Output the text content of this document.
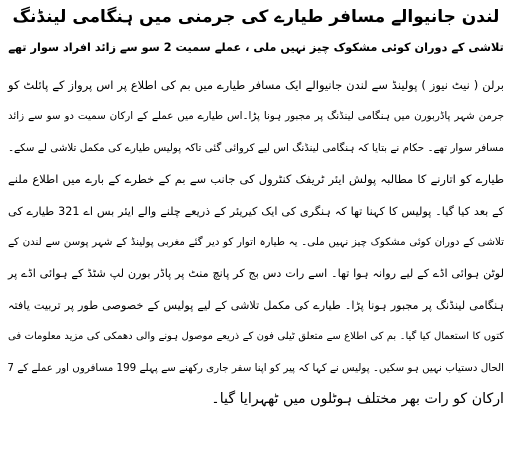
لندن جانیوالے مسافر طیارے کی جرمنی میں ہنگامی لینڈنگ
تلاشی کے دوران کوئی مشکوک چیز نہیں ملی ، عملے سمیت 2 سو سے زائد افراد سوار تھے

برلن ( نیٹ نیوز ) پولینڈ سے لندن جانیوالے ایک مسافر طیارے میں بم کی اطلاع پر اس پرواز کے پائلٹ کو

جرمن شہر پاڈربورن میں ہنگامی لینڈنگ پر مجبور ہونا پڑا۔اس طیارے میں عملے کے ارکان سمیت دو سو سے زائد

مسافر سوار تھے۔ حکام نے بتایا کہ ہنگامی لینڈنگ اس لیے کروائی گئی تاکہ پولیس طیارے کی مکمل تلاشی لے سکے۔

طیارے کو اتارنے کا مطالبہ پولش ایئر ٹریفک کنٹرول کی جانب سے بم کے خطرے کے بارے میں اطلاع ملنے

کے بعد کیا گیا۔ پولیس کا کہنا تھا کہ ہنگری کی ایک کیریئر کے ذریعے چلنے والے ایئر بس اے 321 طیارے کی

تلاشی کے دوران کوئی مشکوک چیز نہیں ملی۔ یہ طیارہ اتوار کو دیر گئے مغربی پولینڈ کے شہر پوسن سے لندن کے

لوٹن ہوائی اڈے کے لیے روانہ ہوا تھا۔ اسے رات دس بج کر پانچ منٹ پر پاڈر بورن لپ شٹڈ کے ہوائی اڈے پر

ہنگامی لینڈنگ پر مجبور ہونا پڑا۔ طیارے کی مکمل تلاشی کے لیے پولیس کے خصوصی طور پر تربیت یافتہ

کتوں کا استعمال کیا گیا۔ بم کی اطلاع سے متعلق ٹیلی فون کے ذریعے موصول ہونے والی دھمکی کی مزید معلومات فی

الحال دستیاب نہیں ہو سکیں۔ پولیس نے کہا کہ پیر کو اپنا سفر جاری رکھنے سے پہلے 199 مسافروں اور عملے کے 7

ارکان کو رات بھر مختلف ہوٹلوں میں ٹھہرایا گیا۔
